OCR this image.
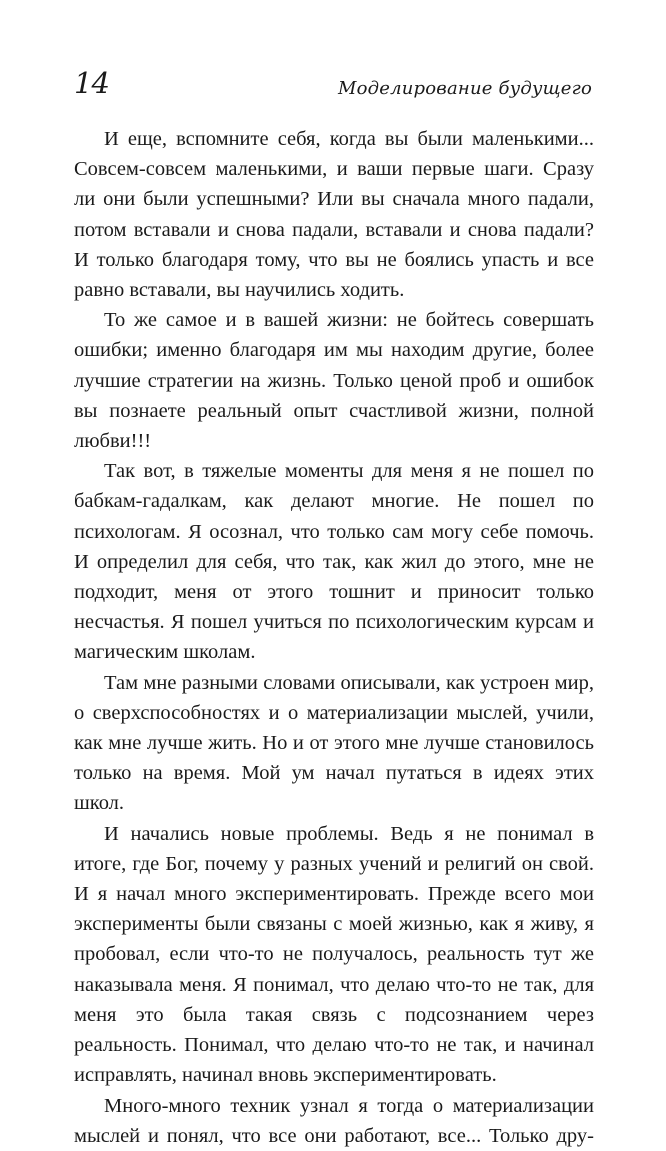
14	Моделирование будущего

И еще, вспомните себя, когда вы были маленькими... Совсем-совсем маленькими, и ваши первые шаги. Сразу ли они были успешными? Или вы сначала много падали, потом вставали и снова падали, вставали и снова падали? И только благодаря тому, что вы не боялись упасть и все равно вставали, вы научились ходить.

То же самое и в вашей жизни: не бойтесь совершать ошибки; именно благодаря им мы находим другие, более лучшие стратегии на жизнь. Только ценой проб и ошибок вы познаете реальный опыт счастливой жизни, полной любви!!!

Так вот, в тяжелые моменты для меня я не пошел по бабкам-гадалкам, как делают многие. Не пошел по психологам. Я осознал, что только сам могу себе помочь. И определил для себя, что так, как жил до этого, мне не подходит, меня от этого тошнит и приносит только несчастья. Я пошел учиться по психологическим курсам и магическим школам.

Там мне разными словами описывали, как устроен мир, о сверхспособностях и о материализации мыслей, учили, как мне лучше жить. Но и от этого мне лучше становилось только на время. Мой ум начал путаться в идеях этих школ.

И начались новые проблемы. Ведь я не понимал в итоге, где Бог, почему у разных учений и религий он свой. И я начал много экспериментировать. Прежде всего мои эксперименты были связаны с моей жизнью, как я живу, я пробовал, если что-то не получалось, реальность тут же наказывала меня. Я понимал, что делаю что-то не так, для меня это была такая связь с подсознанием через реальность. Понимал, что делаю что-то не так, и начинал исправлять, начинал вновь экспериментировать.

Много-много техник узнал я тогда о материализации мыслей и понял, что все они работают, все... Только дру-
